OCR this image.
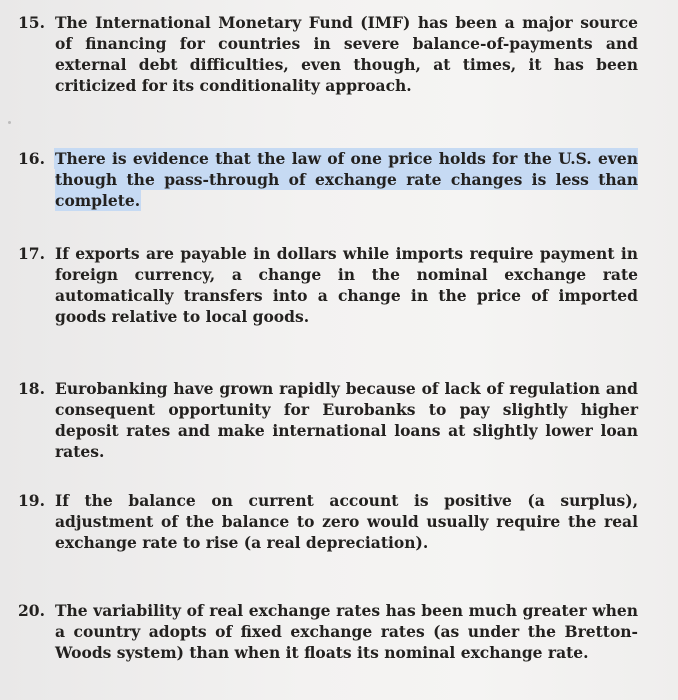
15. The International Monetary Fund (IMF) has been a major source of financing for countries in severe balance-of-payments and external debt difficulties, even though, at times, it has been criticized for its conditionality approach.
16. There is evidence that the law of one price holds for the U.S. even though the pass-through of exchange rate changes is less than complete.
17. If exports are payable in dollars while imports require payment in foreign currency, a change in the nominal exchange rate automatically transfers into a change in the price of imported goods relative to local goods.
18. Eurobanking have grown rapidly because of lack of regulation and consequent opportunity for Eurobanks to pay slightly higher deposit rates and make international loans at slightly lower loan rates.
19. If the balance on current account is positive (a surplus), adjustment of the balance to zero would usually require the real exchange rate to rise (a real depreciation).
20. The variability of real exchange rates has been much greater when a country adopts of fixed exchange rates (as under the Bretton-Woods system) than when it floats its nominal exchange rate.
